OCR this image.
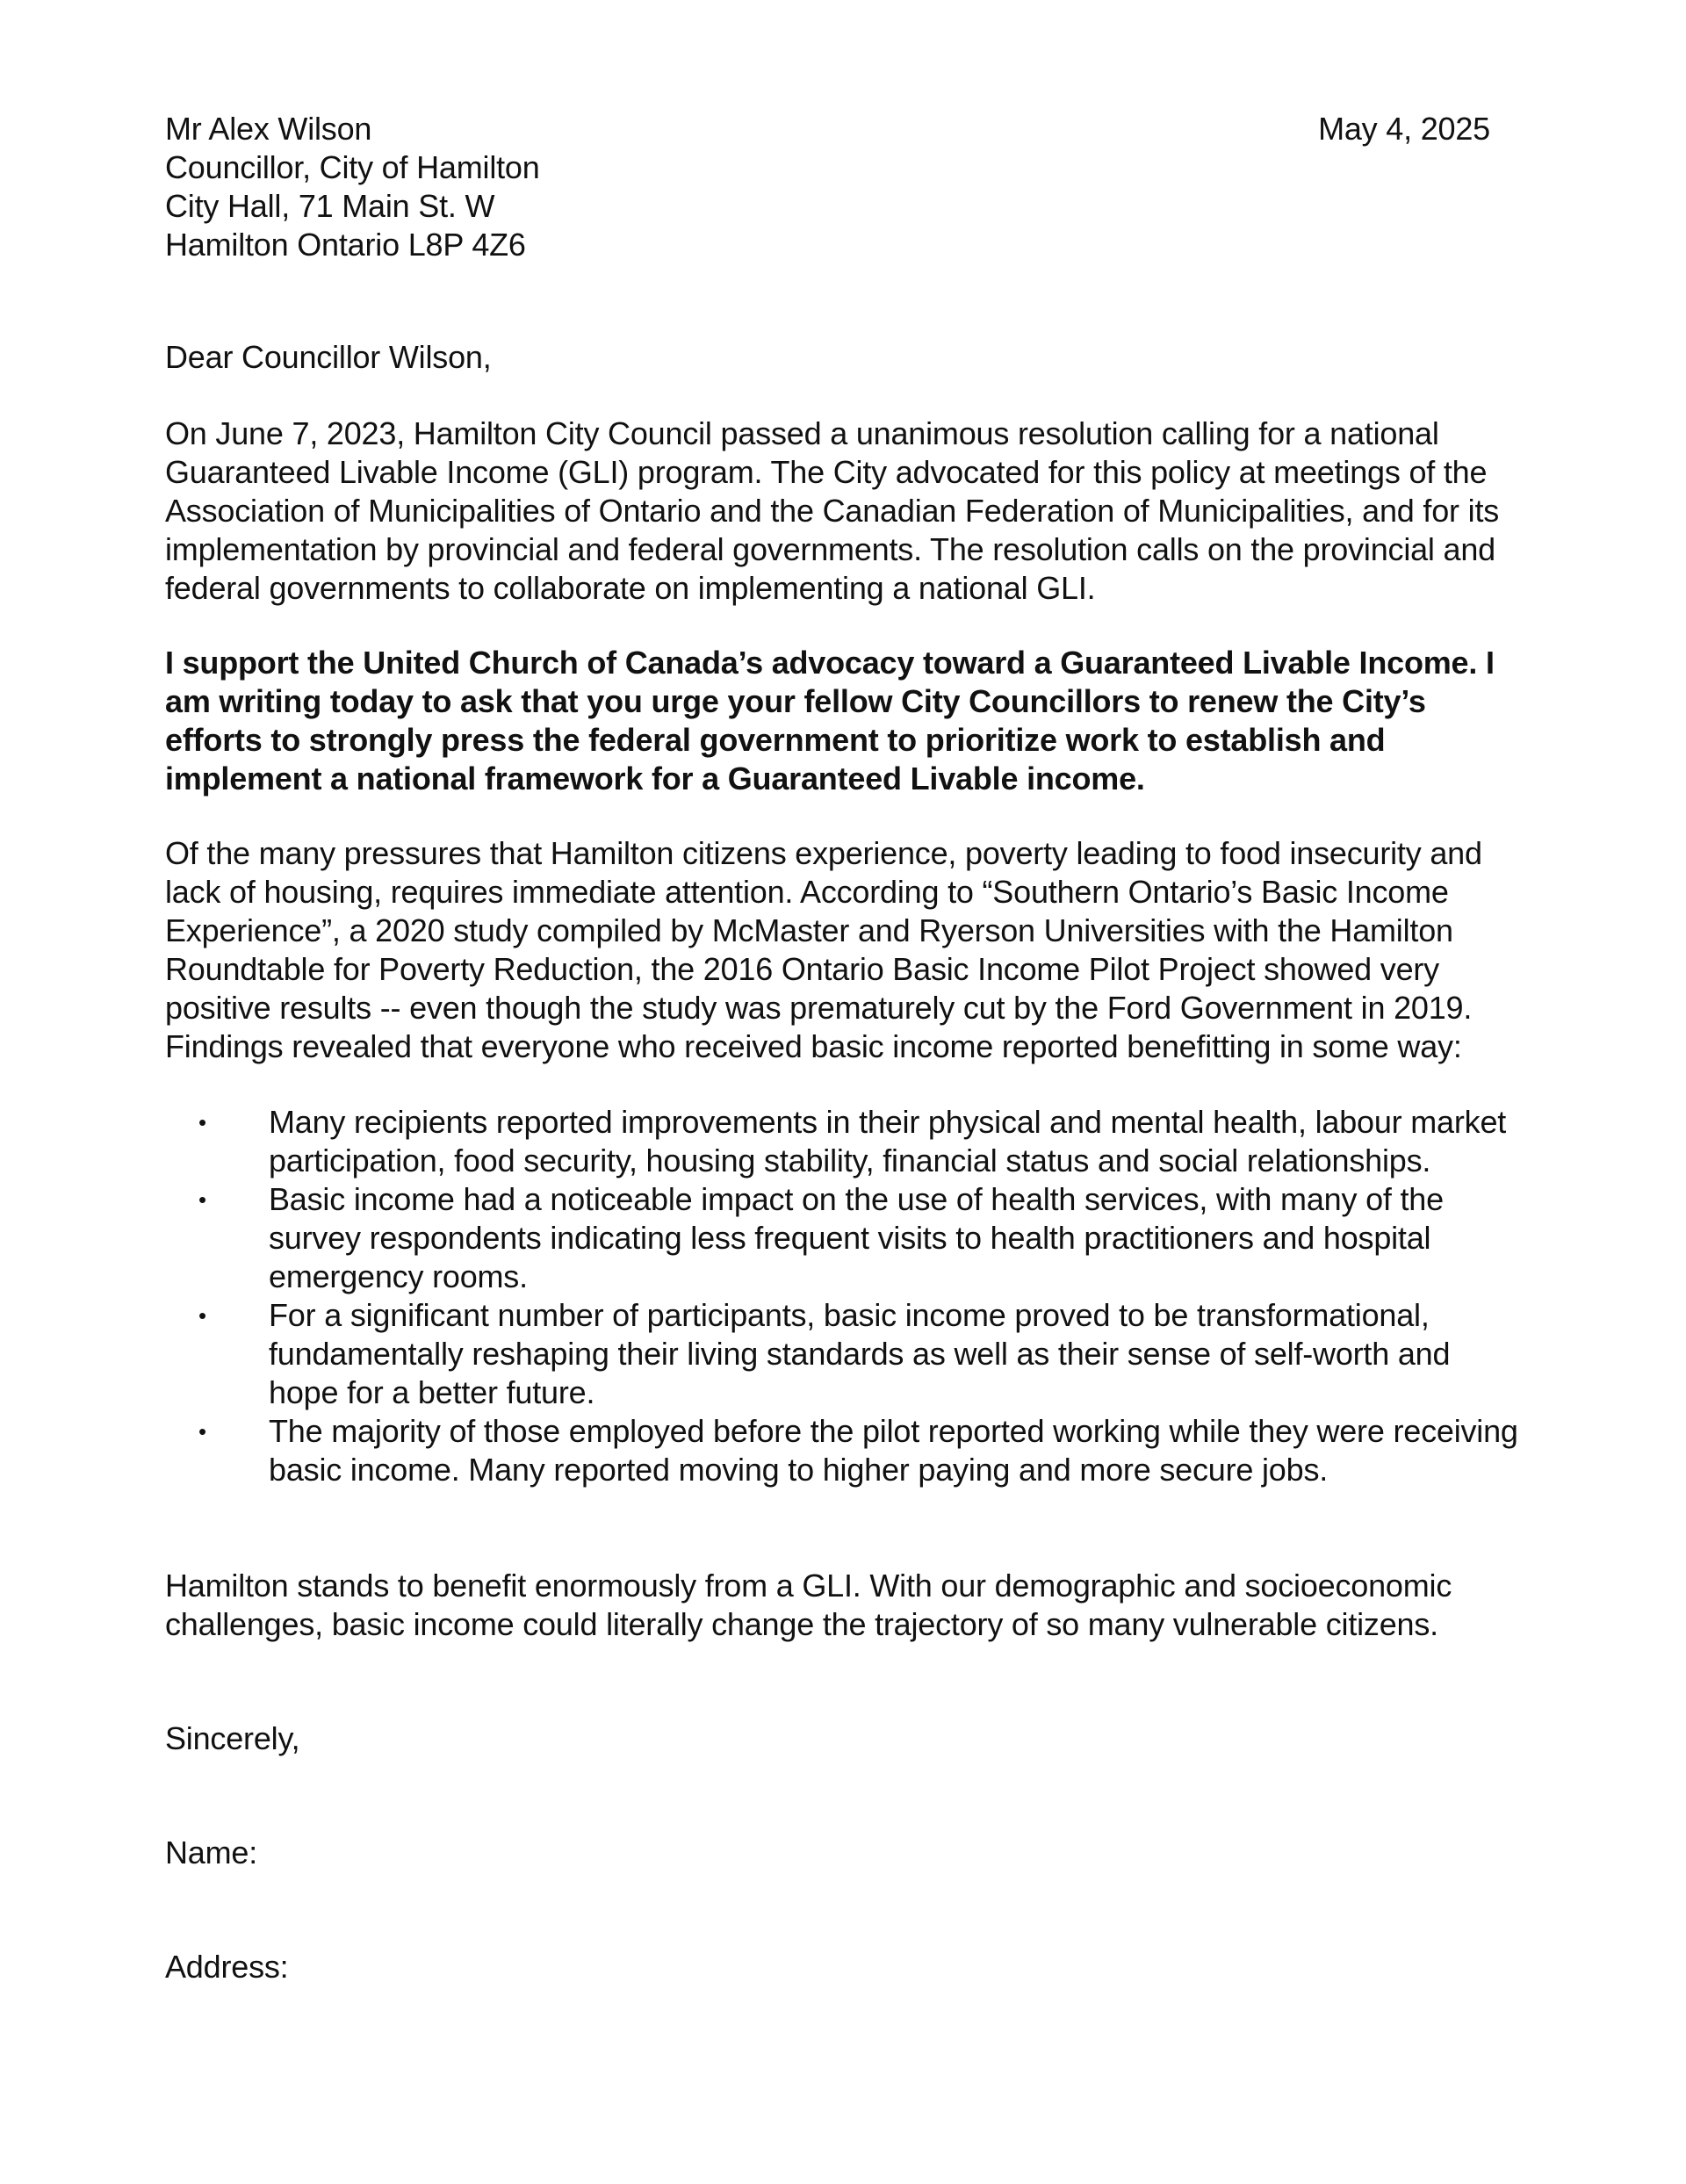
Mr Alex Wilson
Councillor, City of Hamilton
City Hall, 71 Main St. W
Hamilton Ontario L8P 4Z6
May 4, 2025

Dear Councillor Wilson,

On June 7, 2023, Hamilton City Council passed a unanimous resolution calling for a national Guaranteed Livable Income (GLI) program. The City advocated for this policy at meetings of the Association of Municipalities of Ontario and the Canadian Federation of Municipalities, and for its implementation by provincial and federal governments. The resolution calls on the provincial and federal governments to collaborate on implementing a national GLI.

I support the United Church of Canada’s advocacy toward a Guaranteed Livable Income. I am writing today to ask that you urge your fellow City Councillors to renew the City’s efforts to strongly press the federal government to prioritize work to establish and implement a national framework for a Guaranteed Livable income.

Of the many pressures that Hamilton citizens experience, poverty leading to food insecurity and lack of housing, requires immediate attention. According to “Southern Ontario’s Basic Income Experience”, a 2020 study compiled by McMaster and Ryerson Universities with the Hamilton Roundtable for Poverty Reduction, the 2016 Ontario Basic Income Pilot Project showed very positive results -- even though the study was prematurely cut by the Ford Government in 2019. Findings revealed that everyone who received basic income reported benefitting in some way:

• Many recipients reported improvements in their physical and mental health, labour market participation, food security, housing stability, financial status and social relationships.
• Basic income had a noticeable impact on the use of health services, with many of the survey respondents indicating less frequent visits to health practitioners and hospital emergency rooms.
• For a significant number of participants, basic income proved to be transformational, fundamentally reshaping their living standards as well as their sense of self-worth and hope for a better future.
• The majority of those employed before the pilot reported working while they were receiving basic income. Many reported moving to higher paying and more secure jobs.

Hamilton stands to benefit enormously from a GLI. With our demographic and socioeconomic challenges, basic income could literally change the trajectory of so many vulnerable citizens.

Sincerely,

Name:

Address:
